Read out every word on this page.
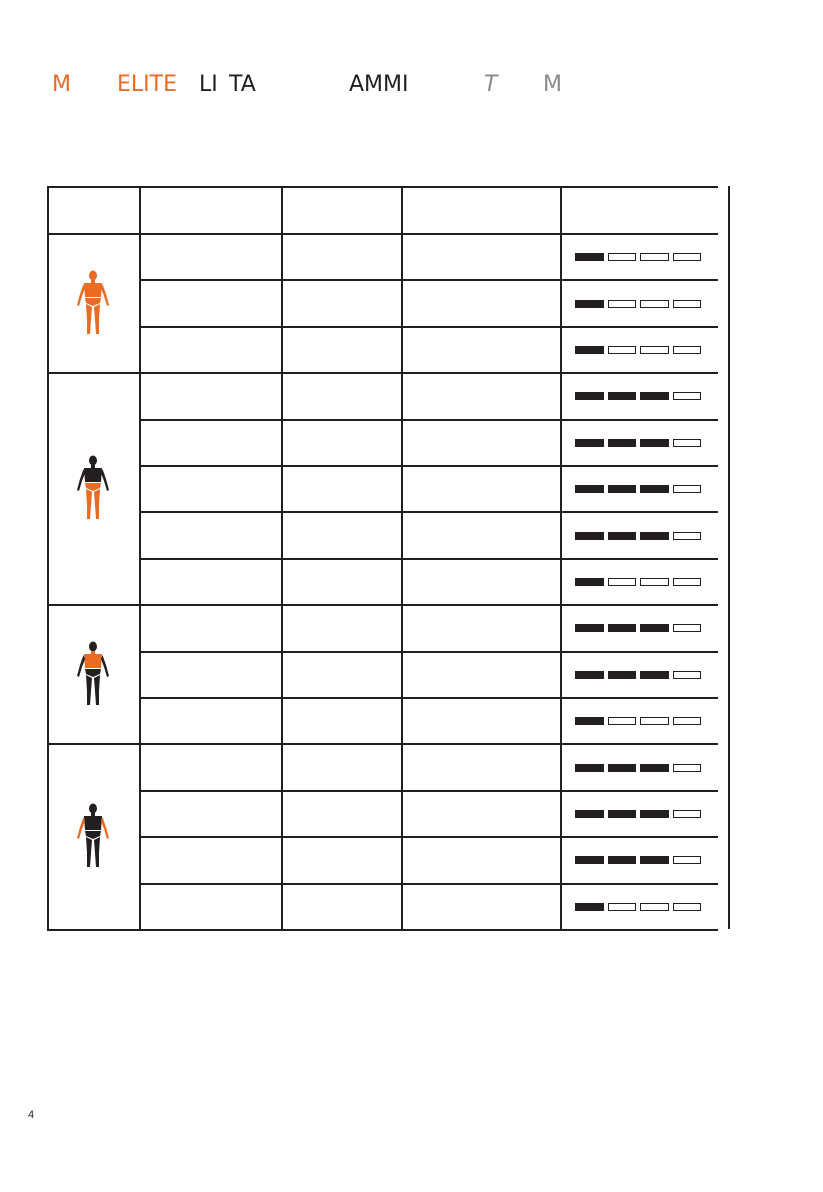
M ELITE LI TA	AMMI	T M
4
